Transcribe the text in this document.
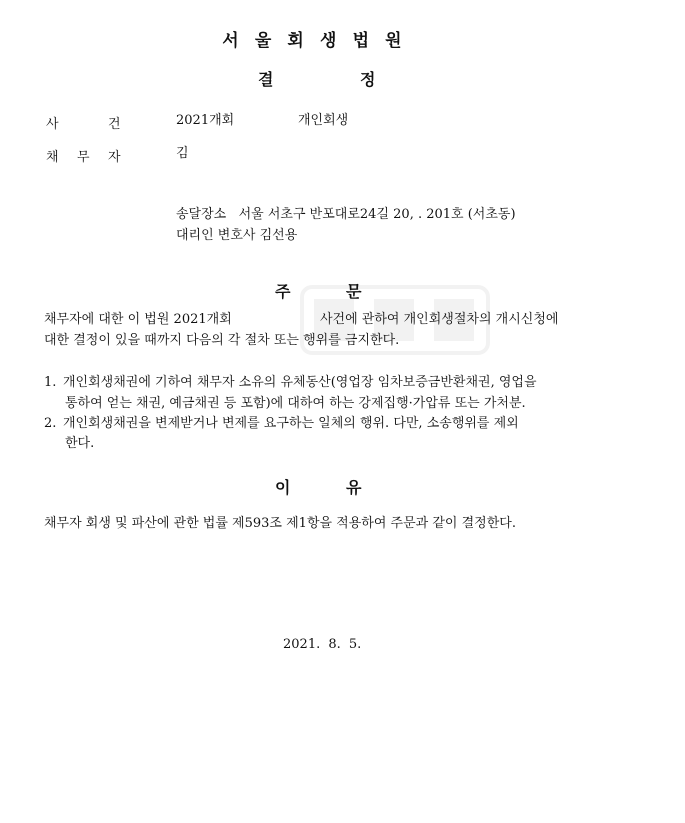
서울회생법원
결	정
사	건	2021개회	개인회생
채 무 자	김
송달장소   서울 서초구 반포대로24길 20, . 201호 (서초동)
대리인 변호사 김선용
주	문
채무자에 대한 이 법원 2021개회	사건에 관하여 개인회생절차의 개시신청에
대한 결정이 있을 때까지 다음의 각 절차 또는 행위를 금지한다.
1. 개인회생채권에 기하여 채무자 소유의 유체동산(영업장 임차보증금반환채권, 영업을
통하여 얻는 채권, 예금채권 등 포함)에 대하여 하는 강제집행·가압류 또는 가처분.
2. 개인회생채권을 변제받거나 변제를 요구하는 일체의 행위. 다만, 소송행위를 제외
한다.
이	유
채무자 회생 및 파산에 관한 법률 제593조 제1항을 적용하여 주문과 같이 결정한다.
2021. 8. 5.
